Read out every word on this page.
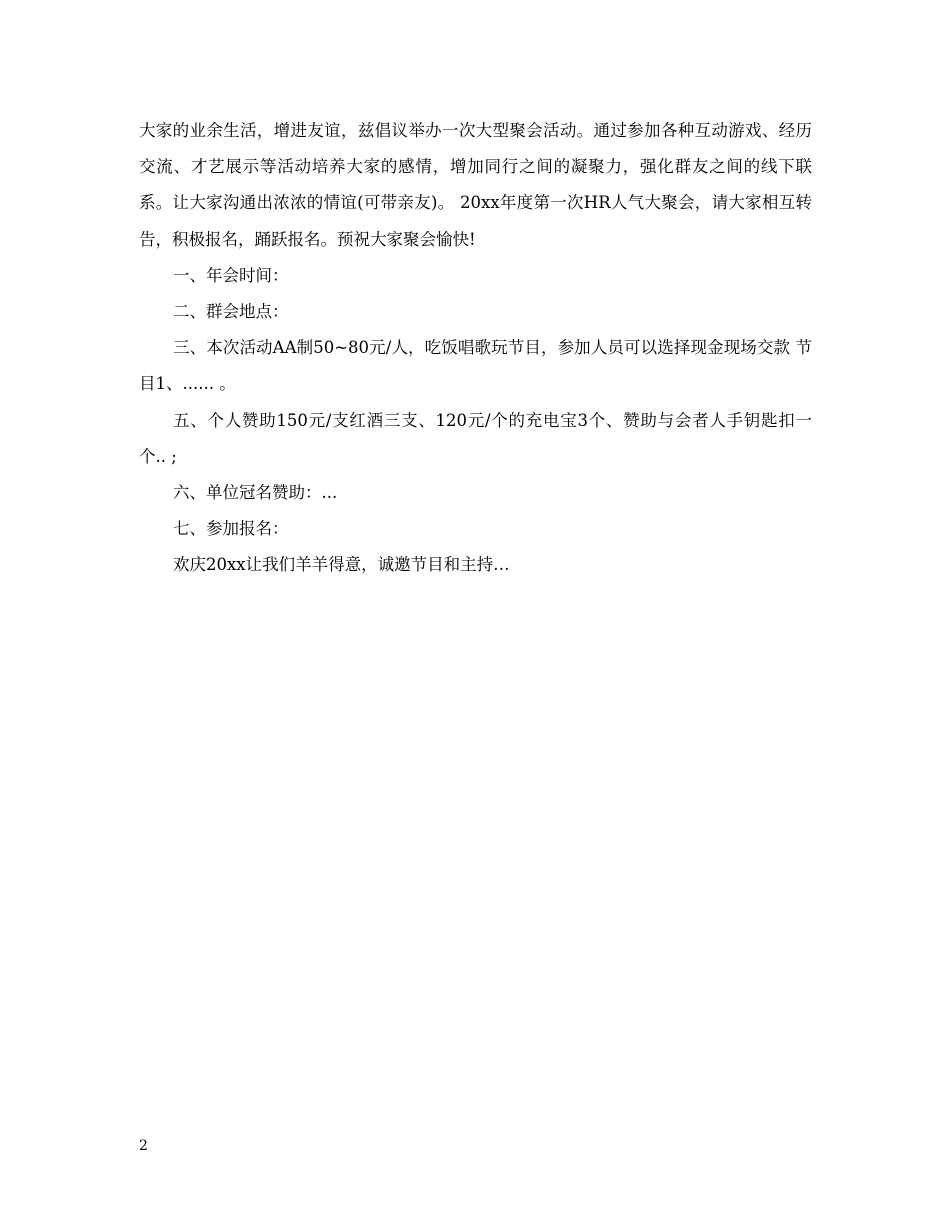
大家的业余生活，增进友谊，兹倡议举办一次大型聚会活动。通过参加各种互动游戏、经历交流、才艺展示等活动培养大家的感情，增加同行之间的凝聚力，强化群友之间的线下联系。让大家沟通出浓浓的情谊(可带亲友)。 20xx年度第一次HR人气大聚会，请大家相互转告，积极报名，踊跃报名。预祝大家聚会愉快!

一、年会时间：

二、群会地点：

三、本次活动AA制50~80元/人，吃饭唱歌玩节目，参加人员可以选择现金现场交款 节目1、...... 。

五、个人赞助150元/支红酒三支、120元/个的充电宝3个、赞助与会者人手钥匙扣一个.. ;

六、单位冠名赞助：...

七、参加报名：

欢庆20xx让我们羊羊得意，诚邀节目和主持…

2
